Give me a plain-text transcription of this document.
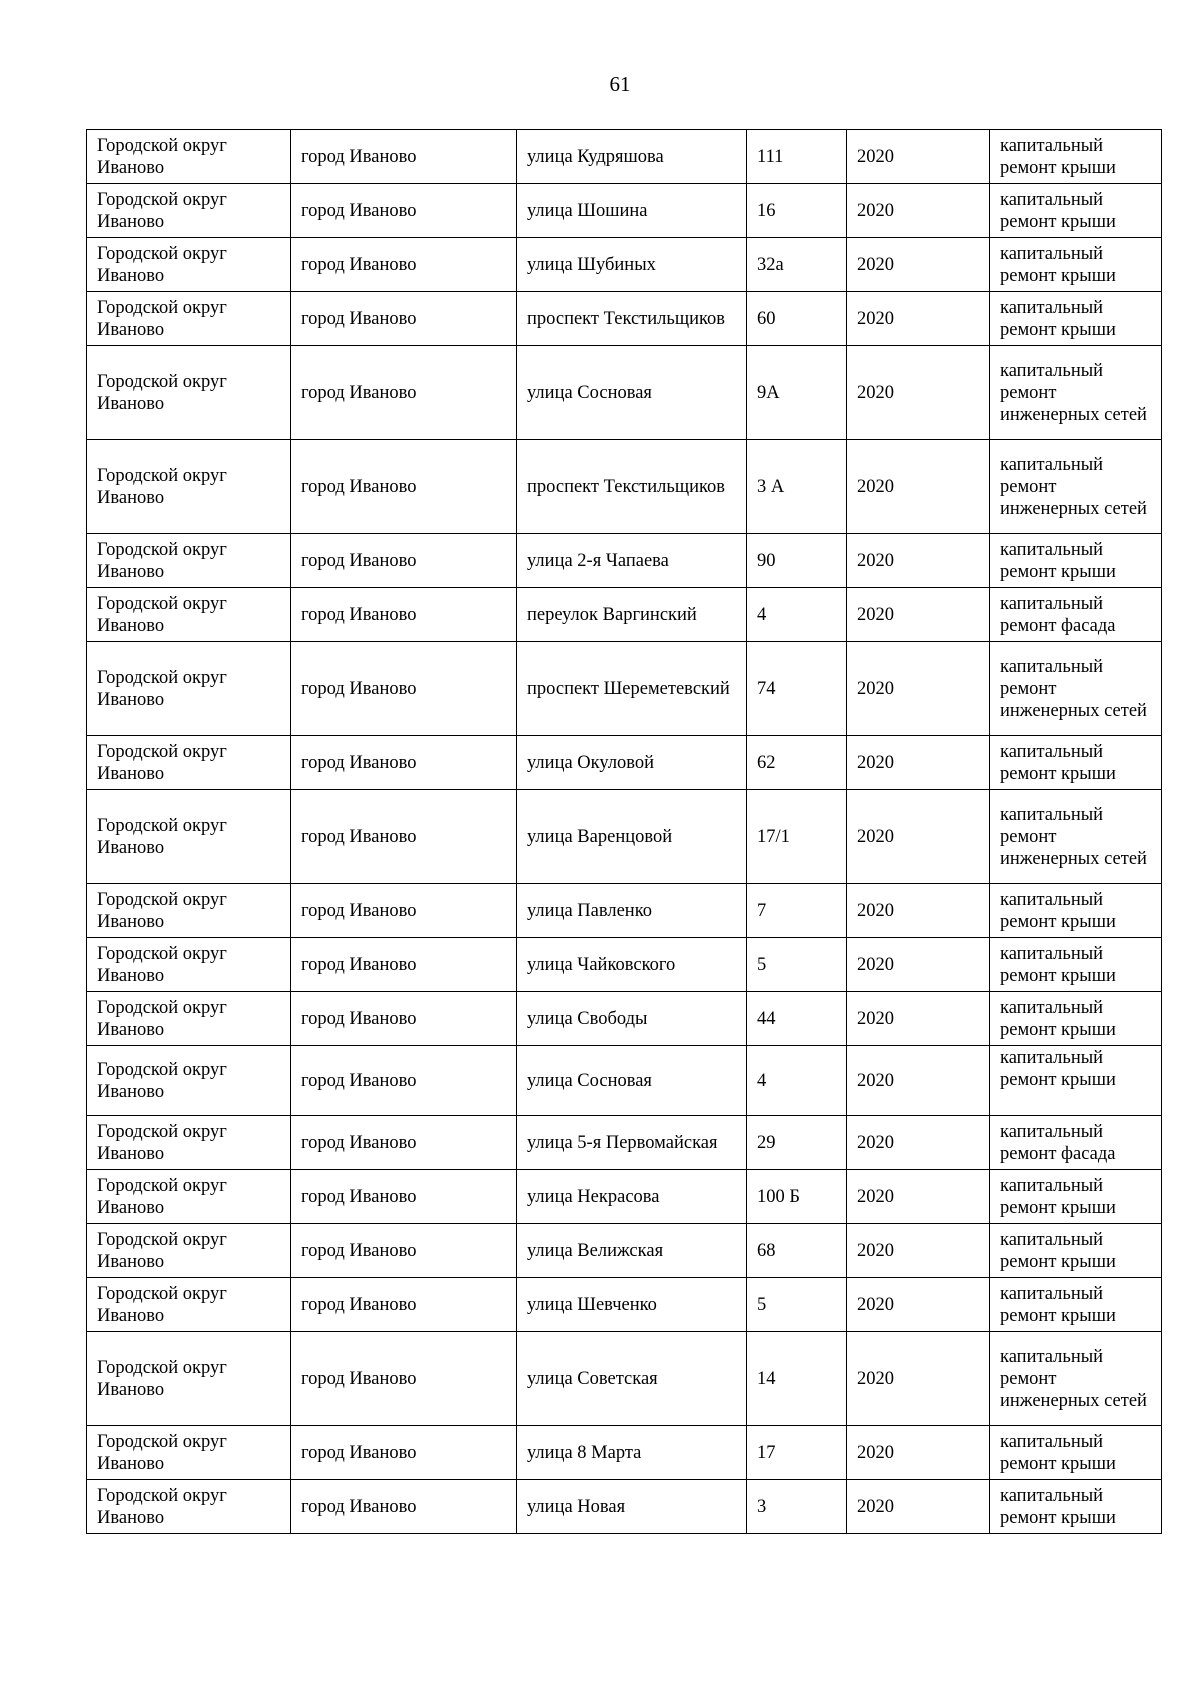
61
Городской округ Иваново	город Иваново	улица Кудряшова	111	2020	капитальный ремонт крыши
Городской округ Иваново	город Иваново	улица Шошина	16	2020	капитальный ремонт крыши
Городской округ Иваново	город Иваново	улица Шубиных	32а	2020	капитальный ремонт крыши
Городской округ Иваново	город Иваново	проспект Текстильщиков	60	2020	капитальный ремонт крыши
Городской округ Иваново	город Иваново	улица Сосновая	9А	2020	капитальный ремонт инженерных сетей
Городской округ Иваново	город Иваново	проспект Текстильщиков	3 А	2020	капитальный ремонт инженерных сетей
Городской округ Иваново	город Иваново	улица 2-я Чапаева	90	2020	капитальный ремонт крыши
Городской округ Иваново	город Иваново	переулок Варгинский	4	2020	капитальный ремонт фасада
Городской округ Иваново	город Иваново	проспект Шереметевский	74	2020	капитальный ремонт инженерных сетей
Городской округ Иваново	город Иваново	улица Окуловой	62	2020	капитальный ремонт крыши
Городской округ Иваново	город Иваново	улица Варенцовой	17/1	2020	капитальный ремонт инженерных сетей
Городской округ Иваново	город Иваново	улица Павленко	7	2020	капитальный ремонт крыши
Городской округ Иваново	город Иваново	улица Чайковского	5	2020	капитальный ремонт крыши
Городской округ Иваново	город Иваново	улица Свободы	44	2020	капитальный ремонт крыши
Городской округ Иваново	город Иваново	улица Сосновая	4	2020	капитальный ремонт крыши
Городской округ Иваново	город Иваново	улица 5-я Первомайская	29	2020	капитальный ремонт фасада
Городской округ Иваново	город Иваново	улица Некрасова	100 Б	2020	капитальный ремонт крыши
Городской округ Иваново	город Иваново	улица Велижская	68	2020	капитальный ремонт крыши
Городской округ Иваново	город Иваново	улица Шевченко	5	2020	капитальный ремонт крыши
Городской округ Иваново	город Иваново	улица Советская	14	2020	капитальный ремонт инженерных сетей
Городской округ Иваново	город Иваново	улица 8 Марта	17	2020	капитальный ремонт крыши
Городской округ Иваново	город Иваново	улица Новая	3	2020	капитальный ремонт крыши
